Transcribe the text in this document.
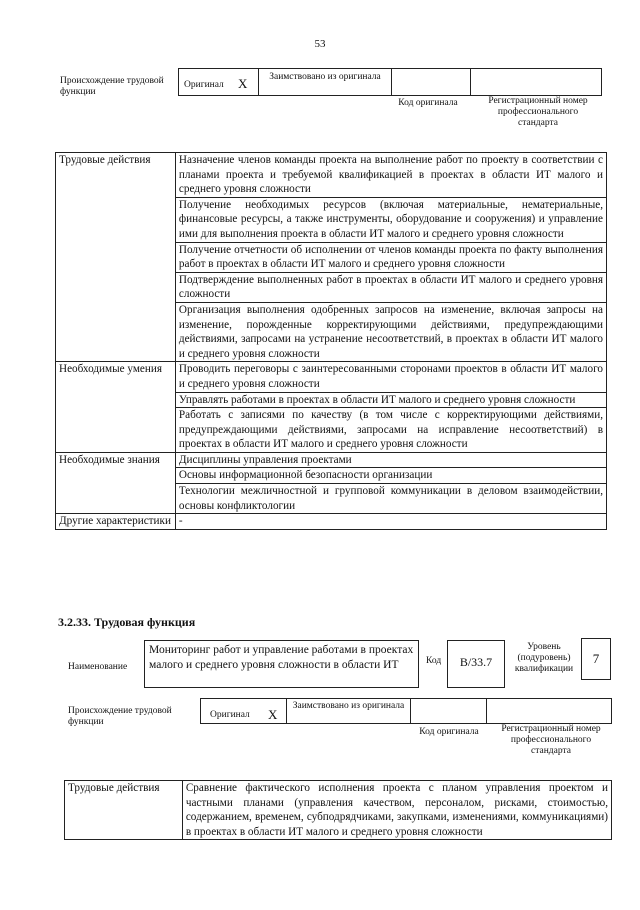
53
Происхождение трудовой функции
Оригинал X	Заимствовано из оригинала
Код оригинала	Регистрационный номер профессионального стандарта
Трудовые действия	Назначение членов команды проекта на выполнение работ по проекту в соответствии с планами проекта и требуемой квалификацией в проектах в области ИТ малого и среднего уровня сложности
	Получение необходимых ресурсов (включая материальные, нематериальные, финансовые ресурсы, а также инструменты, оборудование и сооружения) и управление ими для выполнения проекта в области ИТ малого и среднего уровня сложности
	Получение отчетности об исполнении от членов команды проекта по факту выполнения работ в проектах в области ИТ малого и среднего уровня сложности
	Подтверждение выполненных работ в проектах в области ИТ малого и среднего уровня сложности
	Организация выполнения одобренных запросов на изменение, включая запросы на изменение, порожденные корректирующими действиями, предупреждающими действиями, запросами на устранение несоответствий, в проектах в области ИТ малого и среднего уровня сложности
Необходимые умения	Проводить переговоры с заинтересованными сторонами проектов в области ИТ малого и среднего уровня сложности
	Управлять работами в проектах в области ИТ малого и среднего уровня сложности
	Работать с записями по качеству (в том числе с корректирующими действиями, предупреждающими действиями, запросами на исправление несоответствий) в проектах в области ИТ малого и среднего уровня сложности
Необходимые знания	Дисциплины управления проектами
	Основы информационной безопасности организации
	Технологии межличностной и групповой коммуникации в деловом взаимодействии, основы конфликтологии
Другие характеристики	-
3.2.33. Трудовая функция
Наименование
Мониторинг работ и управление работами в проектах малого и среднего уровня сложности в области ИТ	Код	B/33.7
Уровень (подуровень) квалификации
7
Происхождение трудовой функции
Оригинал X
Заимствовано из оригинала
Код оригинала	Регистрационный номер профессионального стандарта
Трудовые действия	Сравнение фактического исполнения проекта с планом управления проектом и частными планами (управления качеством, персоналом, рисками, стоимостью, содержанием, временем, субподрядчиками, закупками, изменениями, коммуникациями) в проектах в области ИТ малого и среднего уровня сложности
